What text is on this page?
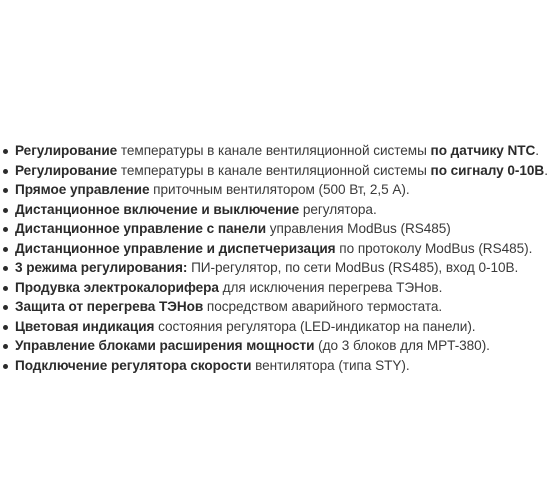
Регулирование температуры в канале вентиляционной системы по датчику NTC.
Регулирование температуры в канале вентиляционной системы по сигналу 0-10В.
Прямое управление приточным вентилятором (500 Вт, 2,5 А).
Дистанционное включение и выключение регулятора.
Дистанционное управление с панели управления ModBus (RS485)
Дистанционное управление и диспетчеризация по протоколу ModBus (RS485).
3 режима регулирования: ПИ-регулятор, по сети ModBus (RS485), вход 0-10В.
Продувка электрокалорифера для исключения перегрева ТЭНов.
Защита от перегрева ТЭНов посредством аварийного термостата.
Цветовая индикация состояния регулятора (LED-индикатор на панели).
Управление блоками расширения мощности (до 3 блоков для MPT-380).
Подключение регулятора скорости вентилятора (типа STY).
